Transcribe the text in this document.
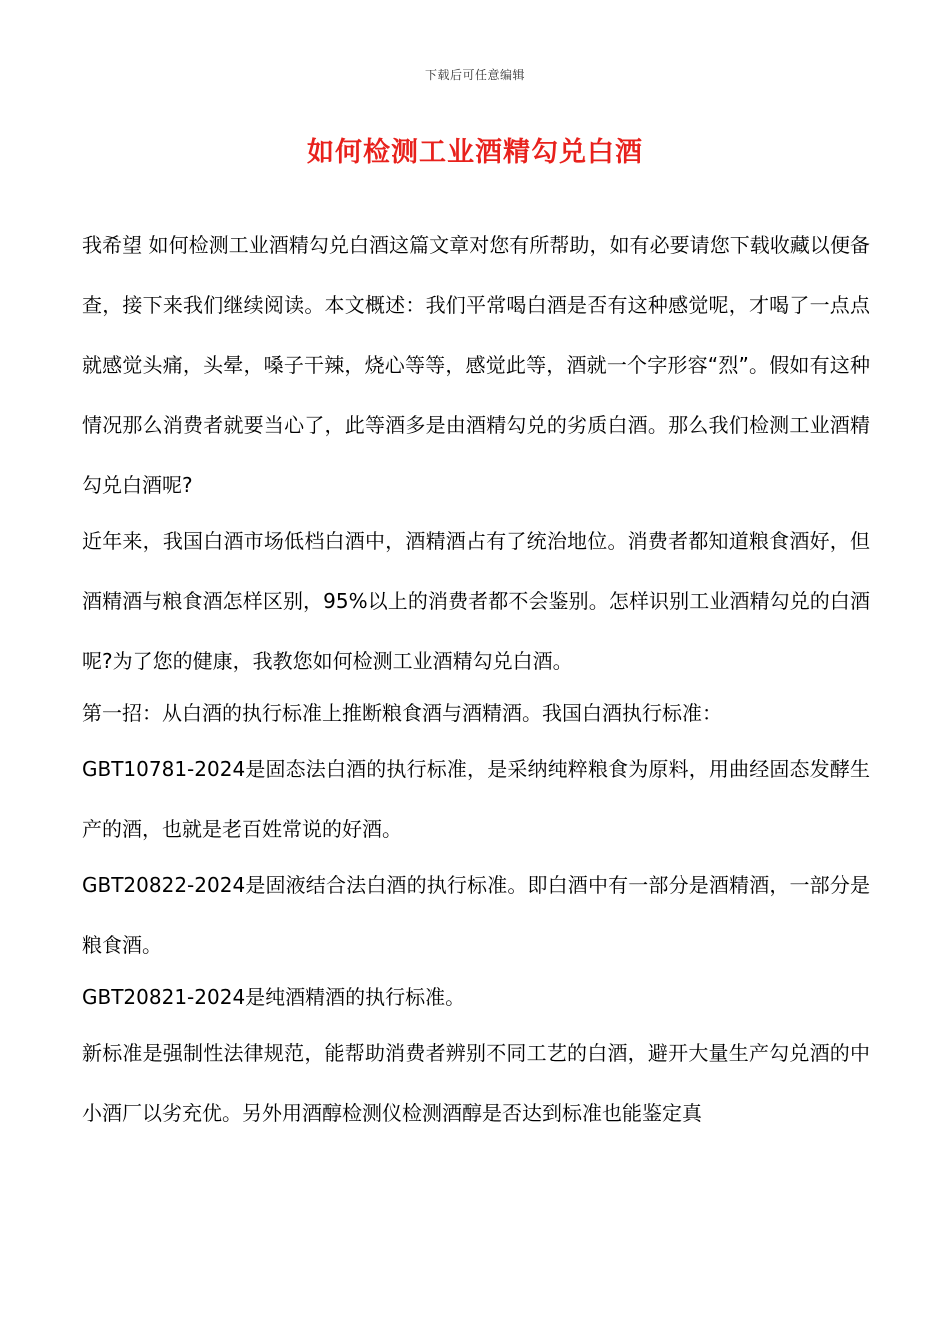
下载后可任意编辑
如何检测工业酒精勾兑白酒

我希望 如何检测工业酒精勾兑白酒这篇文章对您有所帮助，如有必要请您下载收藏以便备查，接下来我们继续阅读。本文概述：我们平常喝白酒是否有这种感觉呢，才喝了一点点就感觉头痛，头晕，嗓子干辣，烧心等等，感觉此等，酒就一个字形容“烈”。假如有这种情况那么消费者就要当心了，此等酒多是由酒精勾兑的劣质白酒。那么我们检测工业酒精勾兑白酒呢?

近年来，我国白酒市场低档白酒中，酒精酒占有了统治地位。消费者都知道粮食酒好，但酒精酒与粮食酒怎样区别，95%以上的消费者都不会鉴别。怎样识别工业酒精勾兑的白酒呢?为了您的健康，我教您如何检测工业酒精勾兑白酒。

第一招：从白酒的执行标准上推断粮食酒与酒精酒。我国白酒执行标准：

GBT10781-2024是固态法白酒的执行标准，是采纳纯粹粮食为原料，用曲经固态发酵生产的酒，也就是老百姓常说的好酒。

GBT20822-2024是固液结合法白酒的执行标准。即白酒中有一部分是酒精酒，一部分是粮食酒。

GBT20821-2024是纯酒精酒的执行标准。

新标准是强制性法律规范，能帮助消费者辨别不同工艺的白酒，避开大量生产勾兑酒的中小酒厂以劣充优。另外用酒醇检测仪检测酒醇是否达到标准也能鉴定真
